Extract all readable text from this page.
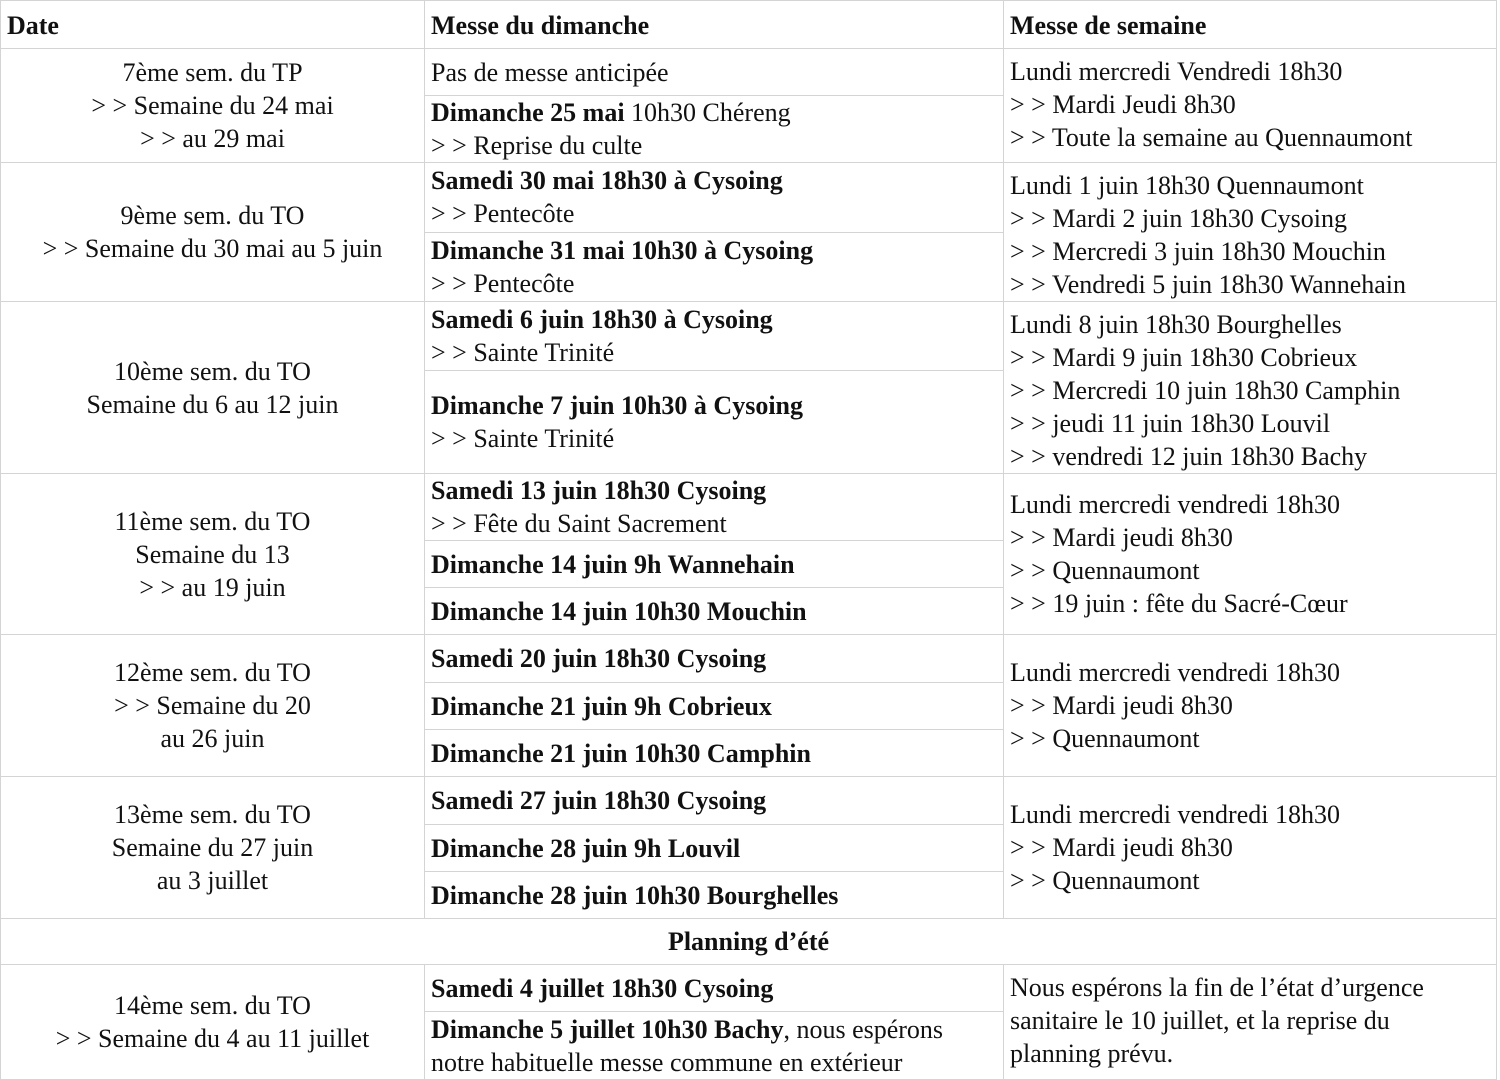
Date	Messe du dimanche	Messe de semaine

7ème sem. du TP
> > Semaine du 24 mai
> > au 29 mai	Pas de messe anticipée	Lundi mercredi Vendredi 18h30
> > Mardi Jeudi 8h30
> > Toute la semaine au Quennaumont

	Dimanche 25 mai 10h30 Chéreng
> > Reprise du culte	

9ème sem. du TO
> > Semaine du 30 mai au 5 juin	Samedi 30 mai 18h30 à Cysoing
> > Pentecôte	Lundi 1 juin 18h30 Quennaumont
> > Mardi 2 juin 18h30 Cysoing
> > Mercredi 3 juin 18h30 Mouchin
> > Vendredi 5 juin 18h30 Wannehain

	Dimanche 31 mai 10h30 à Cysoing
> > Pentecôte	

10ème sem. du TO
Semaine du 6 au 12 juin	Samedi 6 juin 18h30 à Cysoing
> > Sainte Trinité	Lundi 8 juin 18h30 Bourghelles
> > Mardi 9 juin 18h30 Cobrieux
> > Mercredi 10 juin 18h30 Camphin
> > jeudi 11 juin 18h30 Louvil
> > vendredi 12 juin 18h30 Bachy

	Dimanche 7 juin 10h30 à Cysoing
> > Sainte Trinité	

11ème sem. du TO
Semaine du 13
> > au 19 juin	Samedi 13 juin 18h30 Cysoing
> > Fête du Saint Sacrement	Lundi mercredi vendredi 18h30
> > Mardi jeudi 8h30
> > Quennaumont
> > 19 juin : fête du Sacré-Cœur

	Dimanche 14 juin 9h Wannehain	

	Dimanche 14 juin 10h30 Mouchin	

12ème sem. du TO
> > Semaine du 20
au 26 juin	Samedi 20 juin 18h30 Cysoing	Lundi mercredi vendredi 18h30
> > Mardi jeudi 8h30
> > Quennaumont

	Dimanche 21 juin 9h Cobrieux	

	Dimanche 21 juin 10h30 Camphin	

13ème sem. du TO
Semaine du 27 juin
au 3 juillet	Samedi 27 juin 18h30 Cysoing	Lundi mercredi vendredi 18h30
> > Mardi jeudi 8h30
> > Quennaumont

	Dimanche 28 juin 9h Louvil	

	Dimanche 28 juin 10h30 Bourghelles	

Planning d’été		

14ème sem. du TO
> > Semaine du 4 au 11 juillet	Samedi 4 juillet 18h30 Cysoing	Nous espérons la fin de l’état d’urgence
sanitaire le 10 juillet, et la reprise du
planning prévu.

	Dimanche 5 juillet 10h30 Bachy, nous espérons
notre habituelle messe commune en extérieur	
